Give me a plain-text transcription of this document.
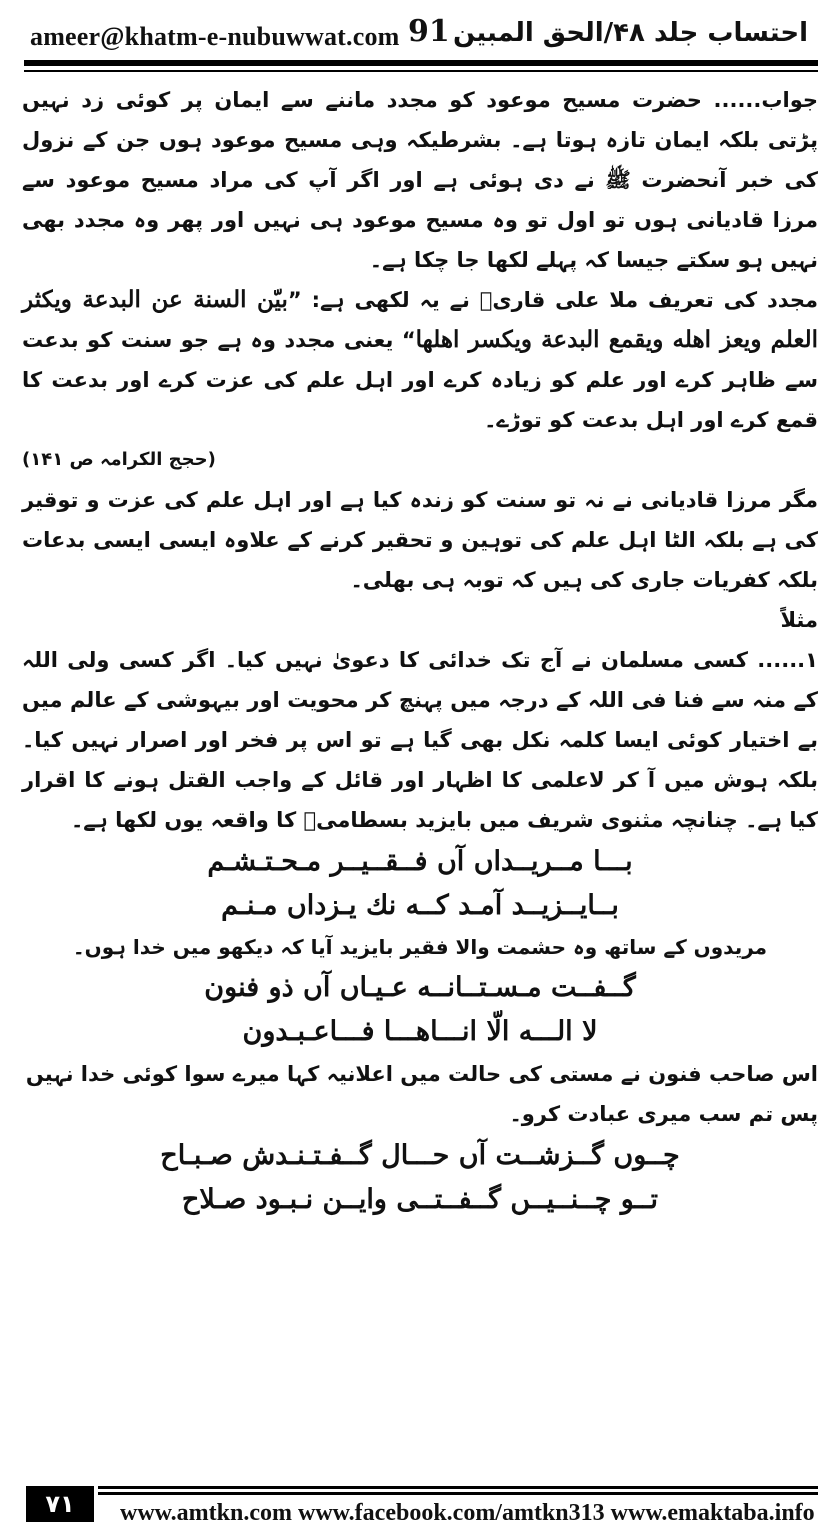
ameer@khatm-e-nubuwwat.com 91 احتساب جلد ۴۸/الحق المبین

جواب...... حضرت مسیح موعود کو مجدد ماننے سے ایمان پر کوئی زد نہیں پڑتی بلکہ ایمان تازہ ہوتا ہے۔ بشرطیکہ وہی مسیح موعود ہوں جن کے نزول کی خبر آنحضرت ﷺ نے دی ہوئی ہے اور اگر آپ کی مراد مسیح موعود سے مرزا قادیانی ہوں تو اول تو وہ مسیح موعود ہی نہیں اور پھر وہ مجدد بھی نہیں ہو سکتے جیسا کہ پہلے لکھا جا چکا ہے۔

مجدد کی تعریف ملا علی قاریؒ نے یہ لکھی ہے: ”بیّن السنة عن البدعة ویکثر العلم ویعز اھله ویقمع البدعة ویکسر اھلھا“ یعنی مجدد وہ ہے جو سنت کو بدعت سے ظاہر کرے اور علم کو زیادہ کرے اور اہل علم کی عزت کرے اور بدعت کا قمع کرے اور اہل بدعت کو توڑے۔

(حجج الکرامہ ص ۱۴۱)

مگر مرزا قادیانی نے نہ تو سنت کو زندہ کیا ہے اور اہل علم کی عزت و توقیر کی ہے بلکہ الٹا اہل علم کی توہین و تحقیر کرنے کے علاوہ ایسی ایسی بدعات بلکہ کفریات جاری کی ہیں کہ توبہ ہی بھلی۔

مثلاً

۱......کسی مسلمان نے آج تک خدائی کا دعویٰ نہیں کیا۔ اگر کسی ولی اللہ کے منہ سے فنا فی اللہ کے درجہ میں پہنچ کر محویت اور بیہوشی کے عالم میں بے اختیار کوئی ایسا کلمہ نکل بھی گیا ہے تو اس پر فخر اور اصرار نہیں کیا۔ بلکہ ہوش میں آ کر لاعلمی کا اظہار اور قائل کے واجب القتل ہونے کا اقرار کیا ہے۔ چنانچہ مثنوی شریف میں بایزید بسطامیؒ کا واقعہ یوں لکھا ہے۔

بـــا مــریــداں آں فــقــیــر مـحـتـشـم

بــایــزیــد آمـد کــه نك یـزداں مـنـم

مریدوں کے ساتھ وہ حشمت والا فقیر بایزید آیا کہ دیکھو میں خدا ہوں۔

گــفــت مـسـتــانــه عـیـاں آں ذو فنون

لا الـــه الّا انـــاھـــا فـــاعـبـدون

اس صاحب فنون نے مستی کی حالت میں اعلانیہ کہا میرے سوا کوئی خدا نہیں پس تم سب میری عبادت کرو۔

چــوں گــزشــت آں حـــال گــفـتـنـدش صـبـاح

تــو چــنــیــں گــفــتــی وایــن نـبـود صـلاح

۷۱	www.amtkn.com www.facebook.com/amtkn313 www.emaktaba.info
